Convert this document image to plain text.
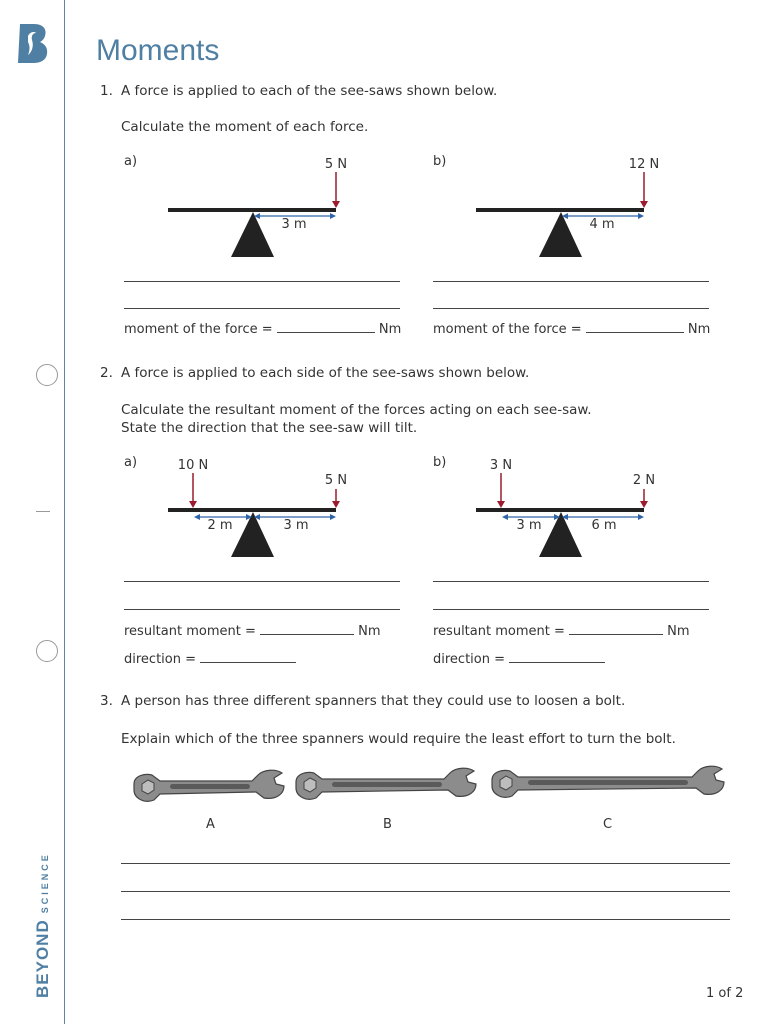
BEYONDSCIENCE
Moments
1. A force is applied to each of the see-saws shown below.
Calculate the moment of each force.
a)	5 N
3 m
moment of the force =	Nm
b)	12 N
4 m
moment of the force =	Nm
2. A force is applied to each side of the see-saws shown below.
Calculate the resultant moment of the forces acting on each see-saw.
State the direction that the see-saw will tilt.
a)	10 N
5 N
2 m	3 m
resultant moment =	Nm
direction =
b)	3 N
2 N
3 m	6 m
resultant moment =	Nm
direction =
3. A person has three different spanners that they could use to loosen a bolt.
Explain which of the three spanners would require the least effort to turn the bolt.
A	B	C
1 of 2
